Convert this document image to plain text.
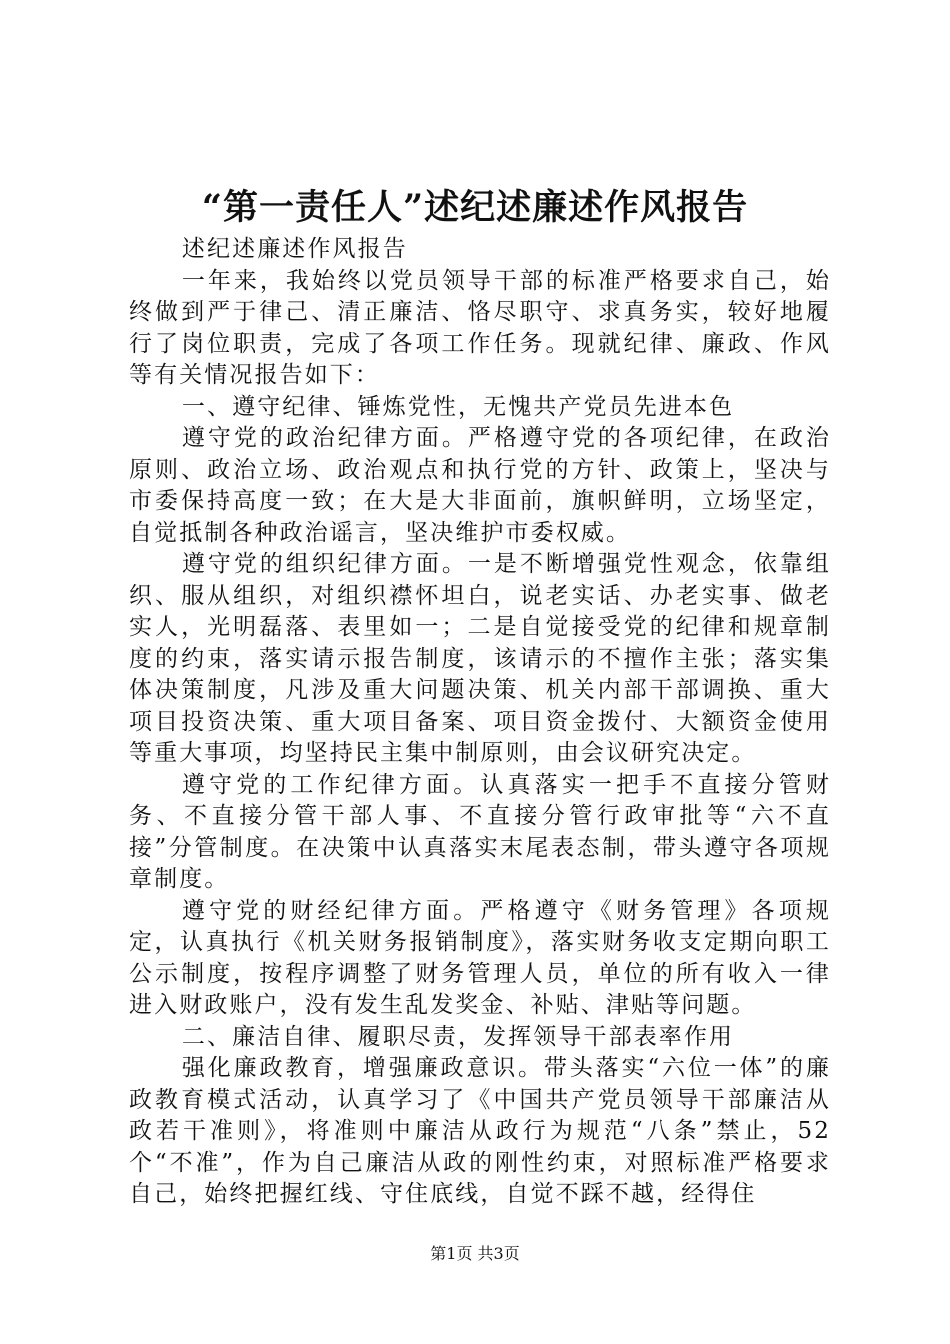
“第一责任人”述纪述廉述作风报告

述纪述廉述作风报告

一年来，我始终以党员领导干部的标准严格要求自己，始终做到严于律己、清正廉洁、恪尽职守、求真务实，较好地履行了岗位职责，完成了各项工作任务。现就纪律、廉政、作风等有关情况报告如下：

一、遵守纪律、锤炼党性，无愧共产党员先进本色

遵守党的政治纪律方面。严格遵守党的各项纪律，在政治原则、政治立场、政治观点和执行党的方针、政策上，坚决与市委保持高度一致；在大是大非面前，旗帜鲜明，立场坚定，自觉抵制各种政治谣言，坚决维护市委权威。

遵守党的组织纪律方面。一是不断增强党性观念，依靠组织、服从组织，对组织襟怀坦白，说老实话、办老实事、做老实人，光明磊落、表里如一；二是自觉接受党的纪律和规章制度的约束，落实请示报告制度，该请示的不擅作主张；落实集体决策制度，凡涉及重大问题决策、机关内部干部调换、重大项目投资决策、重大项目备案、项目资金拨付、大额资金使用等重大事项，均坚持民主集中制原则，由会议研究决定。

遵守党的工作纪律方面。认真落实一把手不直接分管财务、不直接分管干部人事、不直接分管行政审批等“六不直接”分管制度。在决策中认真落实末尾表态制，带头遵守各项规章制度。

遵守党的财经纪律方面。严格遵守《财务管理》各项规定，认真执行《机关财务报销制度》，落实财务收支定期向职工公示制度，按程序调整了财务管理人员，单位的所有收入一律进入财政账户，没有发生乱发奖金、补贴、津贴等问题。

二、廉洁自律、履职尽责，发挥领导干部表率作用

强化廉政教育，增强廉政意识。带头落实“六位一体”的廉政教育模式活动，认真学习了《中国共产党员领导干部廉洁从政若干准则》，将准则中廉洁从政行为规范“八条”禁止，52个“不准”，作为自己廉洁从政的刚性约束，对照标准严格要求自己，始终把握红线、守住底线，自觉不踩不越，经得住

第1页 共3页
